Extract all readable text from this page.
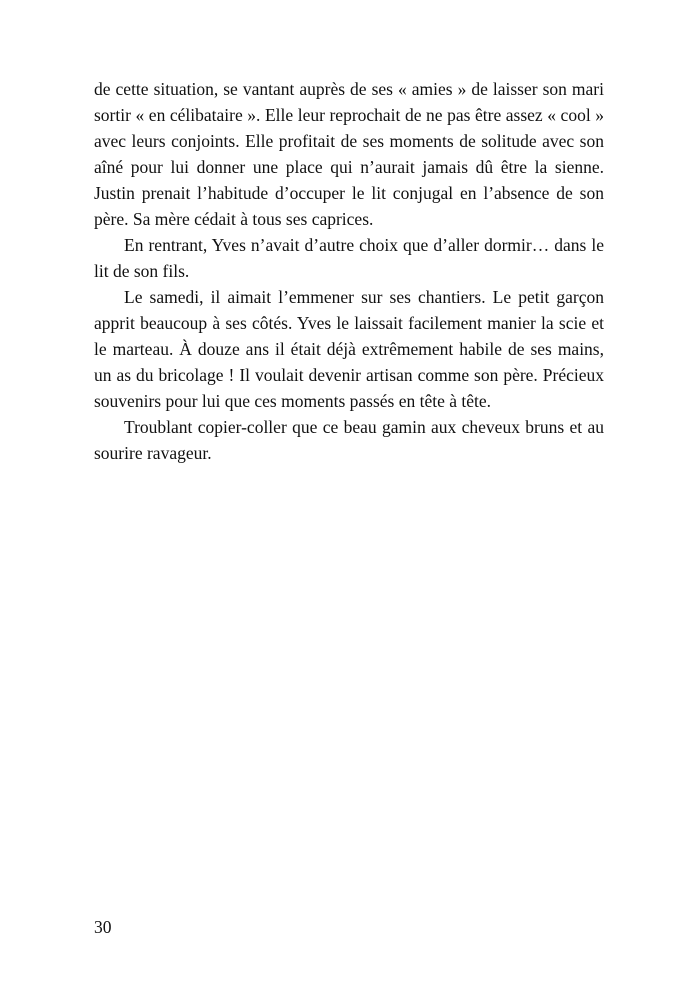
de cette situation, se vantant auprès de ses « amies » de laisser son mari sortir « en célibataire ». Elle leur reprochait de ne pas être assez « cool » avec leurs conjoints. Elle profitait de ses moments de solitude avec son aîné pour lui donner une place qui n’aurait jamais dû être la sienne. Justin prenait l’habitude d’occuper le lit conjugal en l’absence de son père. Sa mère cédait à tous ses caprices.

En rentrant, Yves n’avait d’autre choix que d’aller dormir… dans le lit de son fils.

Le samedi, il aimait l’emmener sur ses chantiers. Le petit garçon apprit beaucoup à ses côtés. Yves le laissait facilement manier la scie et le marteau. À douze ans il était déjà extrêmement habile de ses mains, un as du bricolage ! Il voulait devenir artisan comme son père. Précieux souvenirs pour lui que ces moments passés en tête à tête.

Troublant copier-coller que ce beau gamin aux cheveux bruns et au sourire ravageur.

30
